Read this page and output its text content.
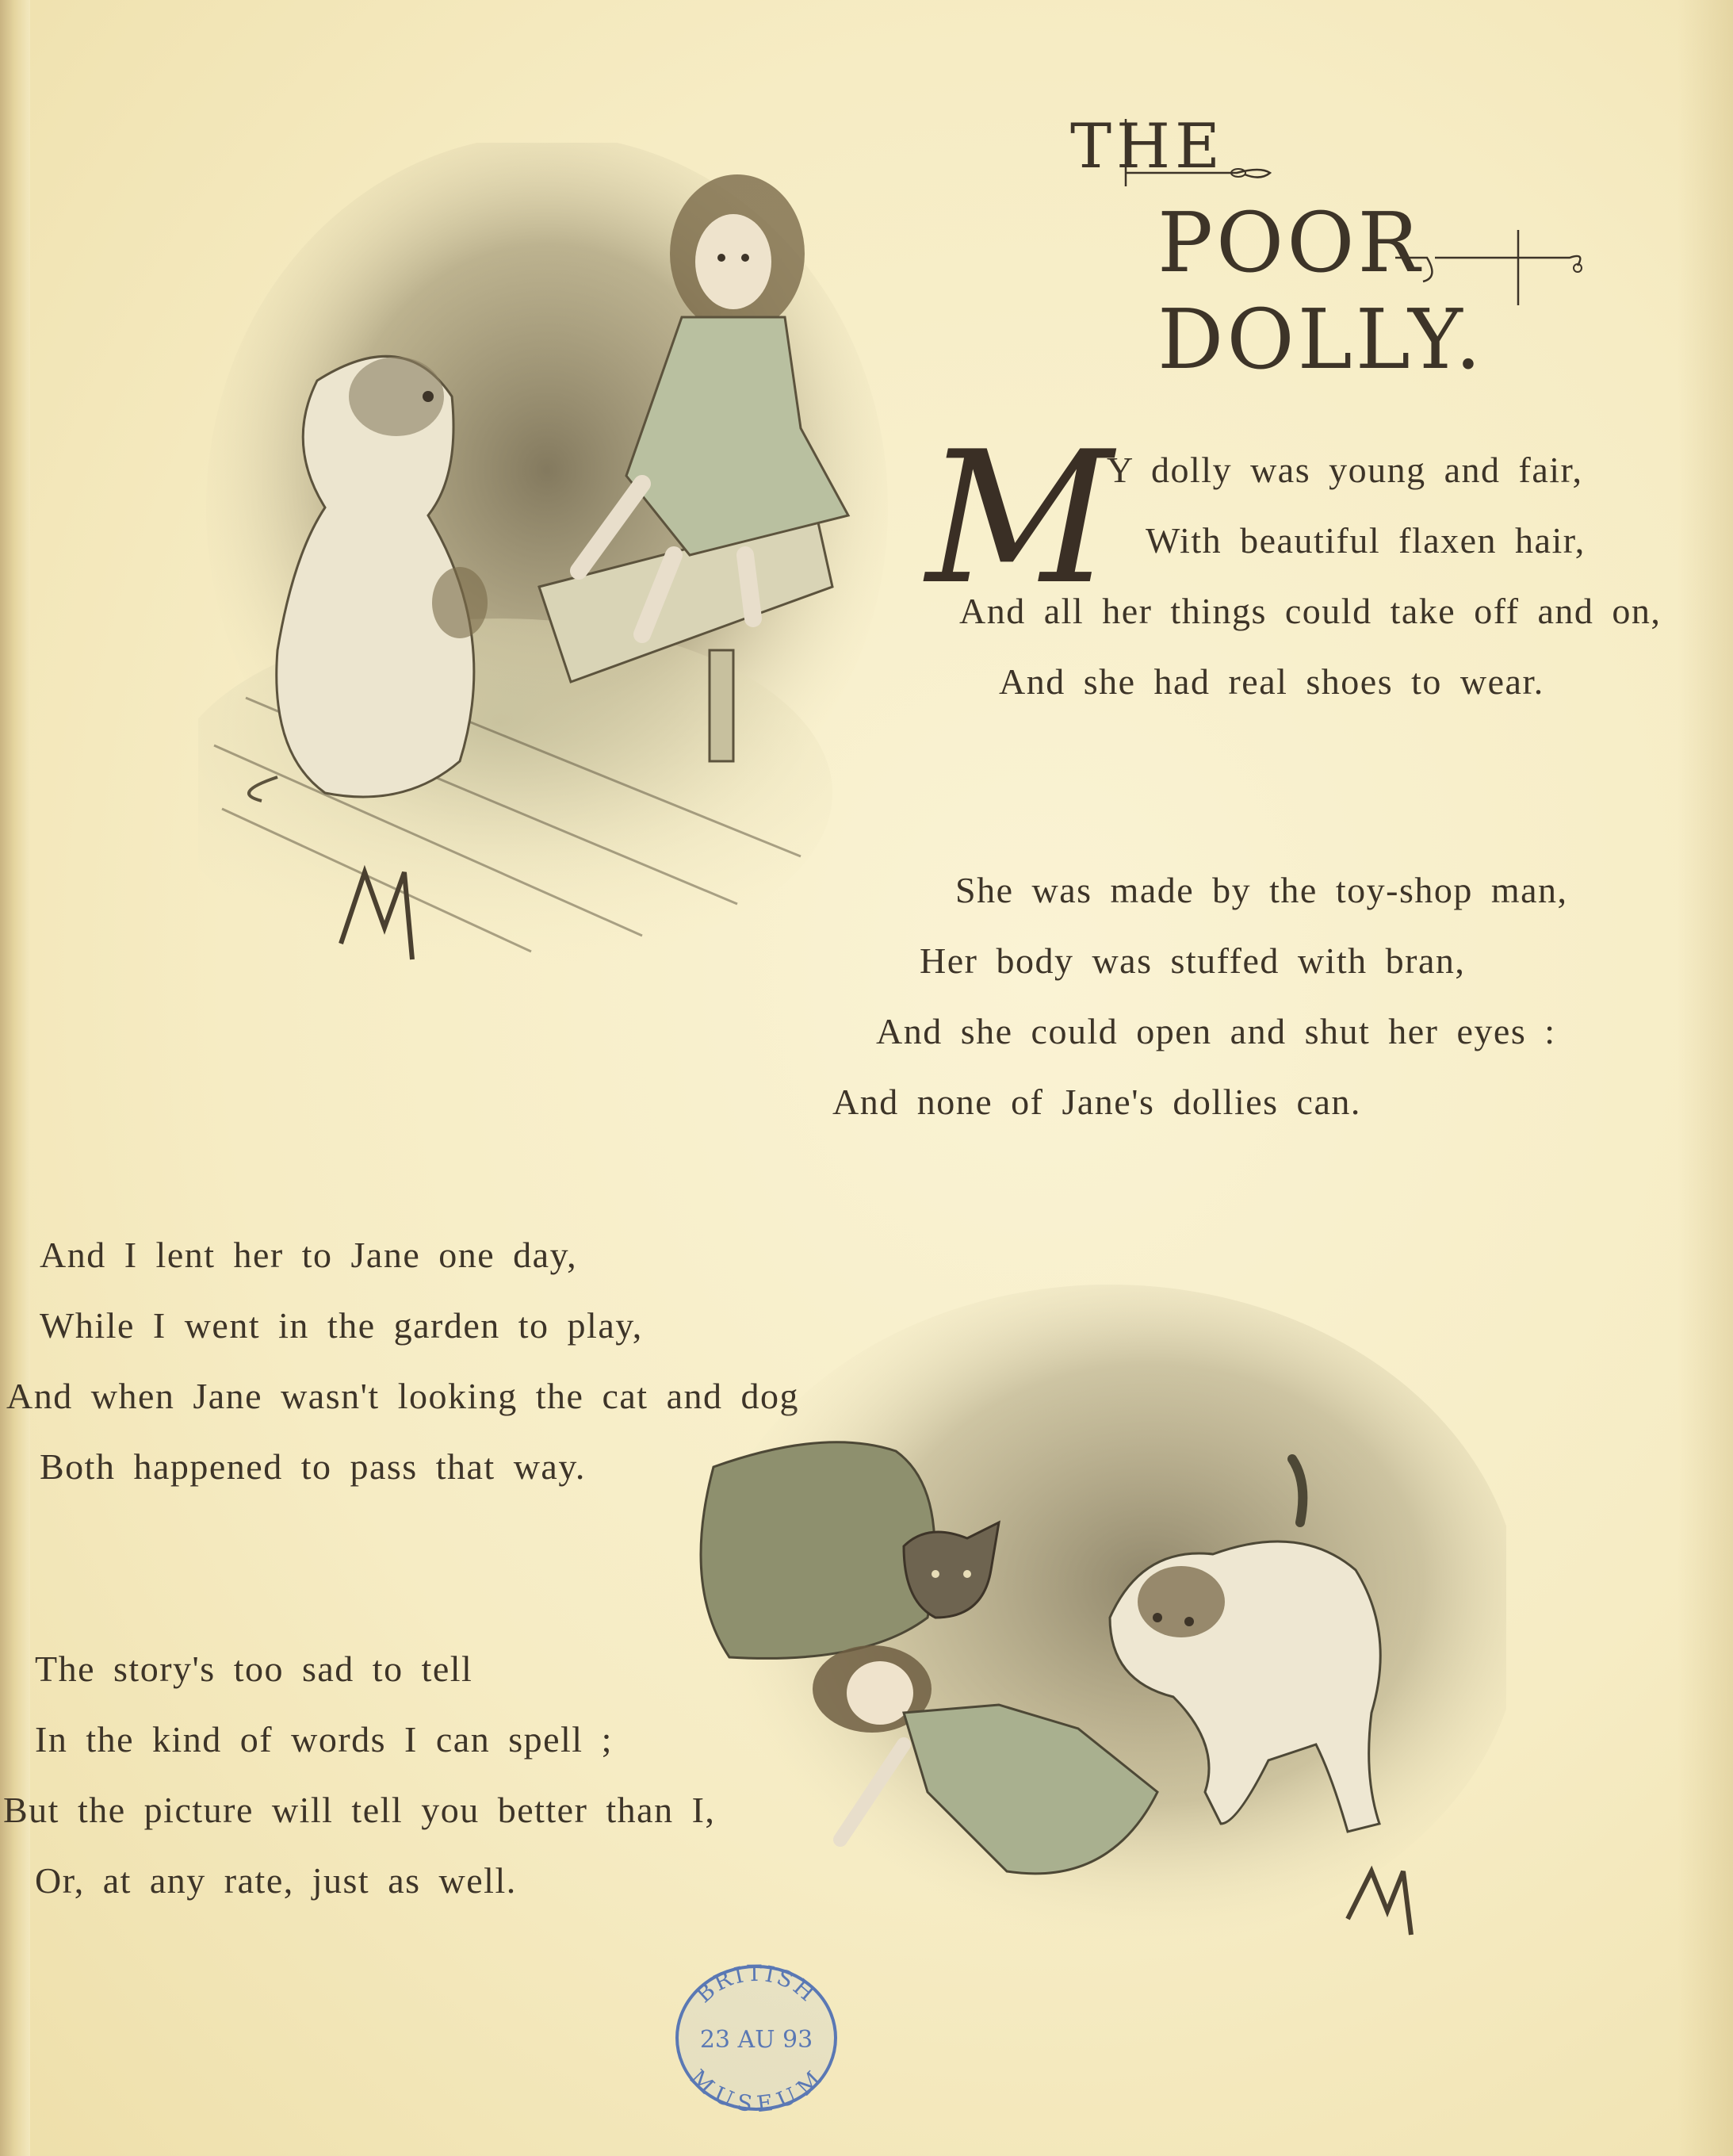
THE
POOR DOLLY.
M
Y dolly was young and fair,
With beautiful flaxen hair,
And all her things could take off and on,
And she had real shoes to wear.
She was made by the toy-shop man,
Her body was stuffed with bran,
And she could open and shut her eyes :
And none of Jane's dollies can.
And I lent her to Jane one day,
While I went in the garden to play,
And when Jane wasn't looking the cat and dog
Both happened to pass that way.
The story's too sad to tell
In the kind of words I can spell ;
But the picture will tell you better than I,
Or, at any rate, just as well.
BRITISH
23 AU 93
MUSEUM
